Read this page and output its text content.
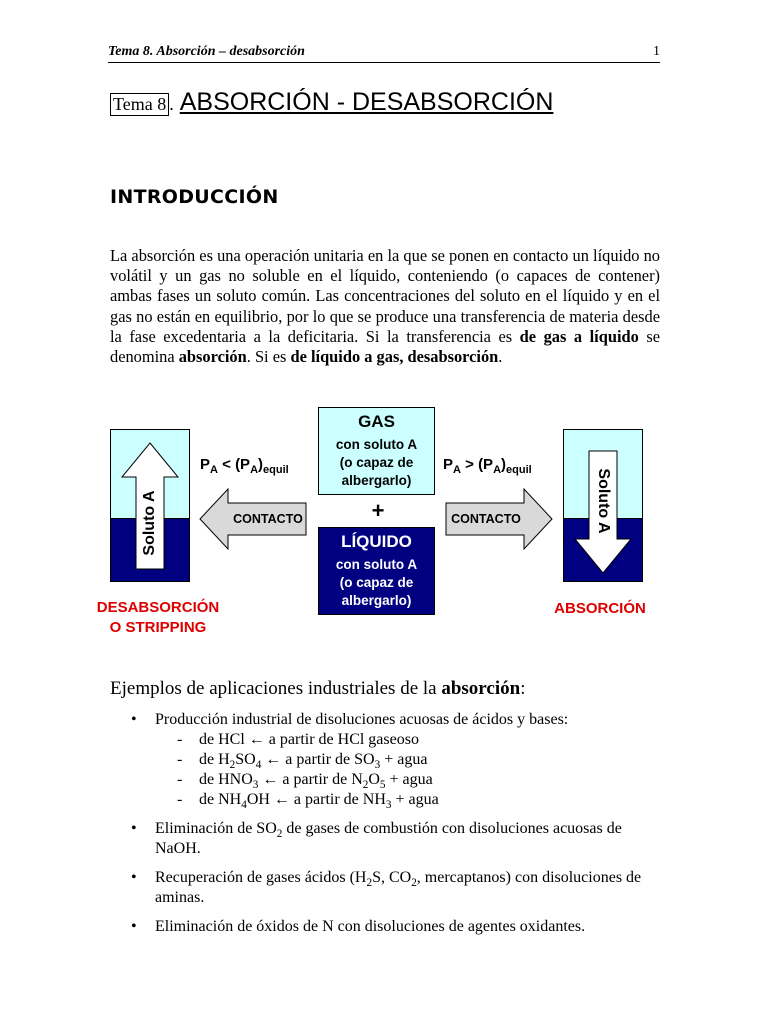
Tema 8. Absorción – desabsorción	1
Tema 8 . ABSORCIÓN - DESABSORCIÓN
INTRODUCCIÓN
La absorción es una operación unitaria en la que se ponen en contacto un líquido no volátil y un gas no soluble en el líquido, conteniendo (o capaces de contener) ambas fases un soluto común. Las concentraciones del soluto en el líquido y en el gas no están en equilibrio, por lo que se produce una transferencia de materia desde la fase excedentaria a la deficitaria. Si la transferencia es de gas a líquido se denomina absorción. Si es de líquido a gas, desabsorción.
Soluto A	Soluto A
GAS
con soluto A
(o capaz de
albergarlo)
+
LÍQUIDO
con soluto A
(o capaz de
albergarlo)
CONTACTO	CONTACTO
$P_A < (P_A)_{equil}$	$P_A > (P_A)_{equil}$
DESABSORCIÓN
O STRIPPING
ABSORCIÓN
Ejemplos de aplicaciones industriales de la absorción:
• Producción industrial de disoluciones acuosas de ácidos y bases:
- de HCl ← a partir de HCl gaseoso
- de $H_2SO_4$ ← a partir de $SO_3$ + agua
- de $HNO_3$ ← a partir de $N_2O_5$ + agua
- de $NH_4OH$ ← a partir de $NH_3$ + agua
• Eliminación de $SO_2$ de gases de combustión con disoluciones acuosas de NaOH.
• Recuperación de gases ácidos ($H_2S$, $CO_2$, mercaptanos) con disoluciones de aminas.
• Eliminación de óxidos de N con disoluciones de agentes oxidantes.
